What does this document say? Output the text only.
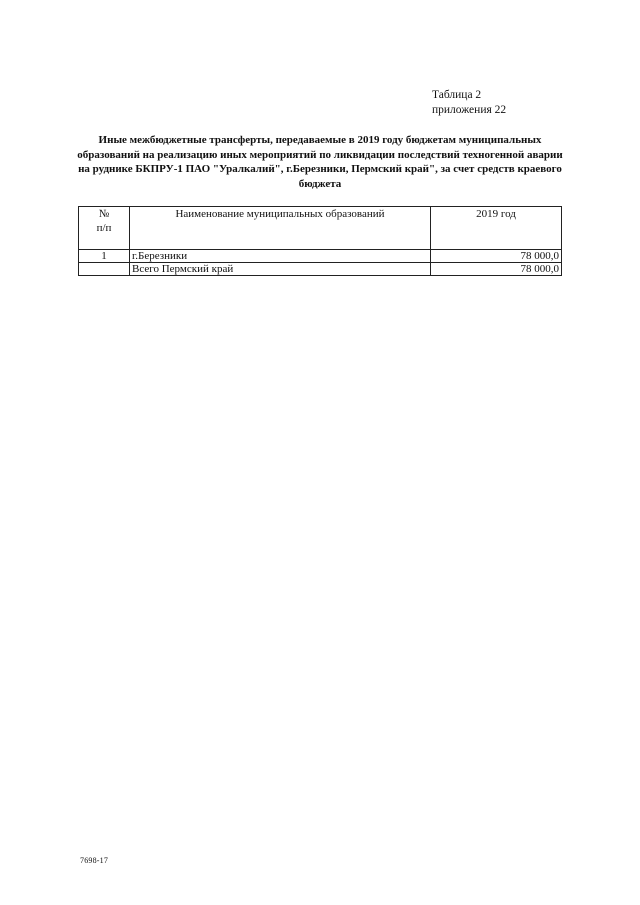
Таблица 2
приложения 22
Иные межбюджетные трансферты, передаваемые в 2019 году бюджетам муниципальных образований на реализацию иных мероприятий по ликвидации последствий техногенной аварии на руднике БКПРУ-1 ПАО "Уралкалий", г.Березники, Пермский край", за счет средств краевого бюджета
№
п/п	Наименование муниципальных образований	2019 год
1	г.Березники	78 000,0
	Всего Пермский край	78 000,0
7698-17
